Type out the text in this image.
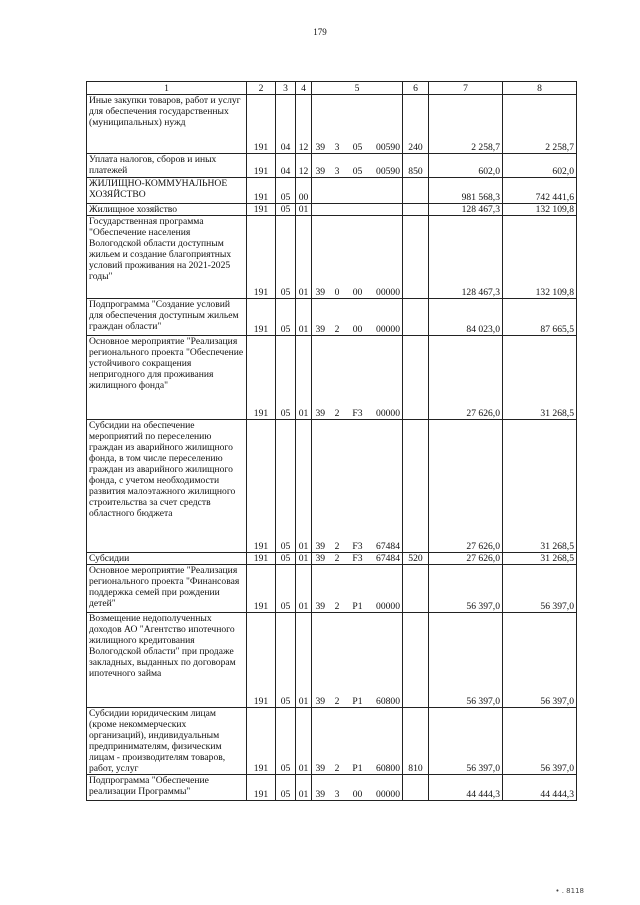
179
1	2	3	4	5				6	7	8
Иные закупки товаров, работ и услуг для обеспечения государственных (муниципальных) нужд	191	04	12	39	3	05	00590	240	2 258,7	2 258,7
Уплата налогов, сборов и иных платежей	191	04	12	39	3	05	00590	850	602,0	602,0
ЖИЛИЩНО-КОММУНАЛЬНОЕ ХОЗЯЙСТВО	191	05	00						981 568,3	742 441,6
Жилищное хозяйство	191	05	01						128 467,3	132 109,8
Государственная программа "Обеспечение населения Вологодской области доступным жильем и создание благоприятных условий проживания на 2021-2025 годы"	191	05	01	39	0	00	00000		128 467,3	132 109,8
Подпрограмма "Создание условий для обеспечения доступным жильем граждан области"	191	05	01	39	2	00	00000		84 023,0	87 665,5
Основное мероприятие "Реализация регионального проекта "Обеспечение устойчивого сокращения непригодного для проживания жилищного фонда"	191	05	01	39	2	F3	00000		27 626,0	31 268,5
Субсидии на обеспечение мероприятий по переселению граждан из аварийного жилищного фонда, в том числе переселению граждан из аварийного жилищного фонда, с учетом необходимости развития малоэтажного жилищного строительства за счет средств областного бюджета	191	05	01	39	2	F3	67484		27 626,0	31 268,5
Субсидии	191	05	01	39	2	F3	67484	520	27 626,0	31 268,5
Основное мероприятие "Реализация регионального проекта "Финансовая поддержка семей при рождении детей"	191	05	01	39	2	P1	00000		56 397,0	56 397,0
Возмещение недополученных доходов АО "Агентство ипотечного жилищного кредитования Вологодской области" при продаже закладных, выданных по договорам ипотечного займа	191	05	01	39	2	P1	60800		56 397,0	56 397,0
Субсидии юридическим лицам (кроме некоммерческих организаций), индивидуальным предпринимателям, физическим лицам - производителям товаров, работ, услуг	191	05	01	39	2	P1	60800	810	56 397,0	56 397,0
Подпрограмма "Обеспечение реализации Программы"	191	05	01	39	3	00	00000		44 444,3	44 444,3
• . 8118
